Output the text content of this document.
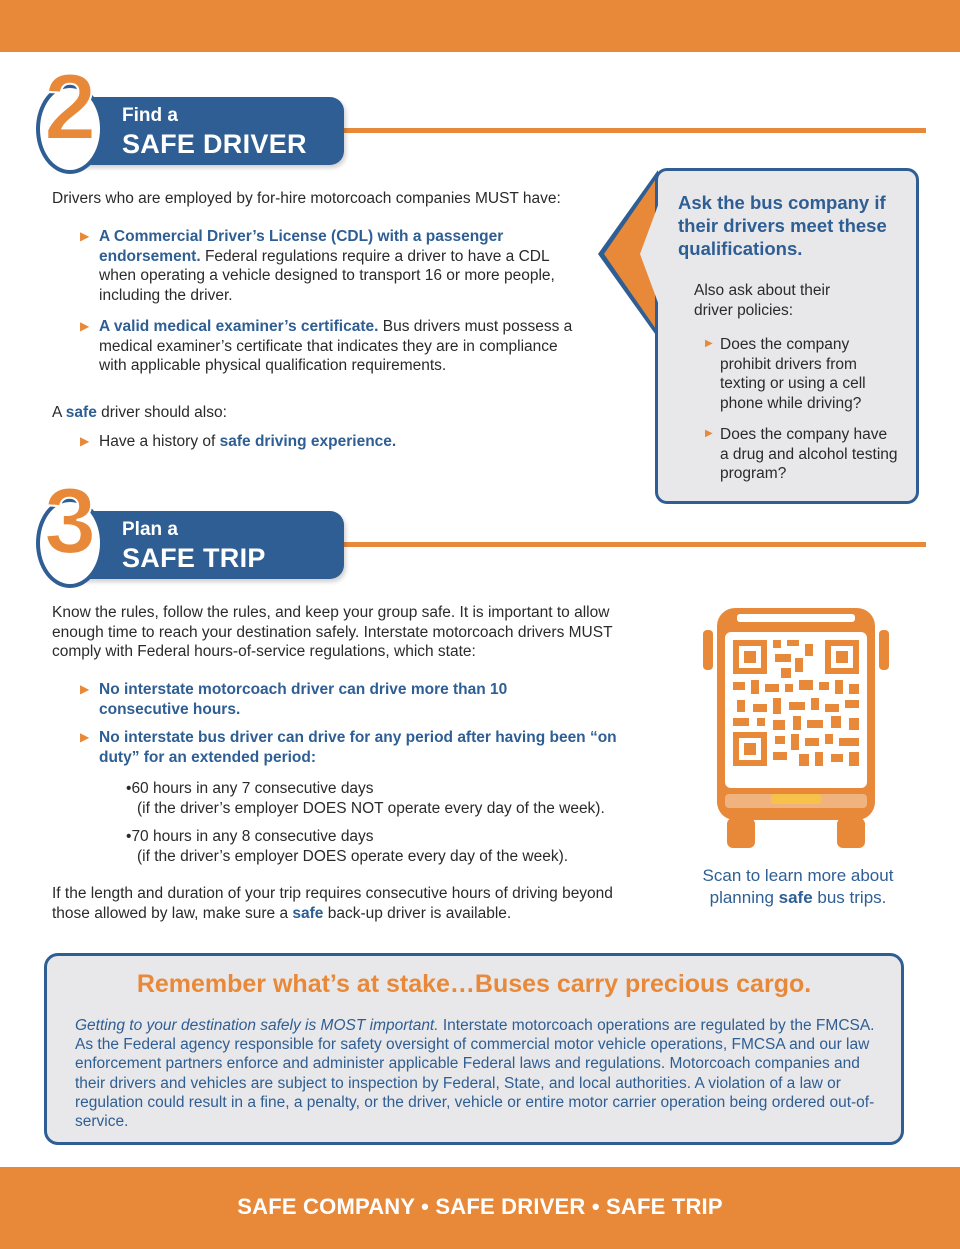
Find a
SAFE DRIVER
2
Drivers who are employed by for-hire motorcoach companies MUST have:
▶ A Commercial Driver’s License (CDL) with a passenger endorsement. Federal regulations require a driver to have a CDL when operating a vehicle designed to transport 16 or more people, including the driver.
▶ A valid medical examiner’s certificate. Bus drivers must possess a medical examiner’s certificate that indicates they are in compliance with applicable physical qualification requirements.
A safe driver should also:
▶ Have a history of safe driving experience.
Ask the bus company if their drivers meet these qualifications.
Also ask about their driver policies:
▶ Does the company prohibit drivers from texting or using a cell phone while driving?
▶ Does the company have a drug and alcohol testing program?
Plan a
SAFE TRIP
3
Know the rules, follow the rules, and keep your group safe. It is important to allow enough time to reach your destination safely. Interstate motorcoach drivers MUST comply with Federal hours-of-service regulations, which state:
▶ No interstate motorcoach driver can drive more than 10 consecutive hours.
▶ No interstate bus driver can drive for any period after having been “on duty” for an extended period:
•60 hours in any 7 consecutive days
(if the driver’s employer DOES NOT operate every day of the week).
•70 hours in any 8 consecutive days
(if the driver’s employer DOES operate every day of the week).
If the length and duration of your trip requires consecutive hours of driving beyond those allowed by law, make sure a safe back-up driver is available.
Scan to learn more about
planning safe bus trips.
Remember what’s at stake…Buses carry precious cargo.
Getting to your destination safely is MOST important. Interstate motorcoach operations are regulated by the FMCSA. As the Federal agency responsible for safety oversight of commercial motor vehicle operations, FMCSA and our law enforcement partners enforce and administer applicable Federal laws and regulations. Motorcoach companies and their drivers and vehicles are subject to inspection by Federal, State, and local authorities. A violation of a law or regulation could result in a fine, a penalty, or the driver, vehicle or entire motor carrier operation being ordered out-of-service.
SAFE COMPANY • SAFE DRIVER • SAFE TRIP
